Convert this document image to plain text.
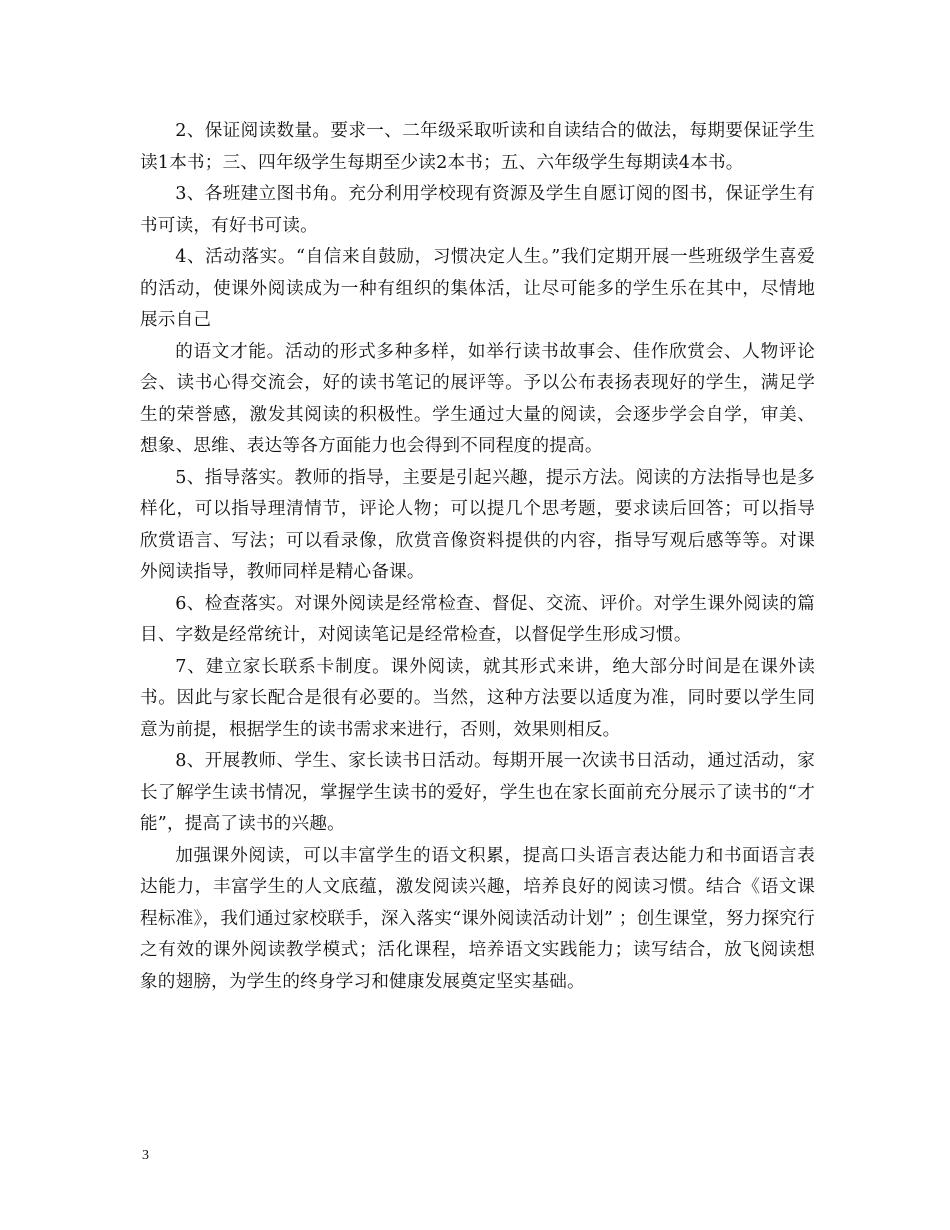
2、保证阅读数量。要求一、二年级采取听读和自读结合的做法，每期要保证学生读1本书；三、四年级学生每期至少读2本书；五、六年级学生每期读4本书。

3、各班建立图书角。充分利用学校现有资源及学生自愿订阅的图书，保证学生有书可读，有好书可读。

4、活动落实。“自信来自鼓励，习惯决定人生。”我们定期开展一些班级学生喜爱的活动，使课外阅读成为一种有组织的集体活，让尽可能多的学生乐在其中，尽情地展示自己

的语文才能。活动的形式多种多样，如举行读书故事会、佳作欣赏会、人物评论会、读书心得交流会，好的读书笔记的展评等。予以公布表扬表现好的学生，满足学生的荣誉感，激发其阅读的积极性。学生通过大量的阅读，会逐步学会自学，审美、想象、思维、表达等各方面能力也会得到不同程度的提高。

5、指导落实。教师的指导，主要是引起兴趣，提示方法。阅读的方法指导也是多样化，可以指导理清情节，评论人物；可以提几个思考题，要求读后回答；可以指导欣赏语言、写法；可以看录像，欣赏音像资料提供的内容，指导写观后感等等。对课外阅读指导，教师同样是精心备课。

6、检查落实。对课外阅读是经常检查、督促、交流、评价。对学生课外阅读的篇目、字数是经常统计，对阅读笔记是经常检查，以督促学生形成习惯。

7、建立家长联系卡制度。课外阅读，就其形式来讲，绝大部分时间是在课外读书。因此与家长配合是很有必要的。当然，这种方法要以适度为准，同时要以学生同意为前提，根据学生的读书需求来进行，否则，效果则相反。

8、开展教师、学生、家长读书日活动。每期开展一次读书日活动，通过活动，家长了解学生读书情况，掌握学生读书的爱好，学生也在家长面前充分展示了读书的“才能”，提高了读书的兴趣。

加强课外阅读，可以丰富学生的语文积累，提高口头语言表达能力和书面语言表达能力，丰富学生的人文底蕴，激发阅读兴趣，培养良好的阅读习惯。结合《语文课程标准》，我们通过家校联手，深入落实“课外阅读活动计划” ；创生课堂，努力探究行之有效的课外阅读教学模式；活化课程，培养语文实践能力；读写结合，放飞阅读想象的翅膀，为学生的终身学习和健康发展奠定坚实基础。

3
